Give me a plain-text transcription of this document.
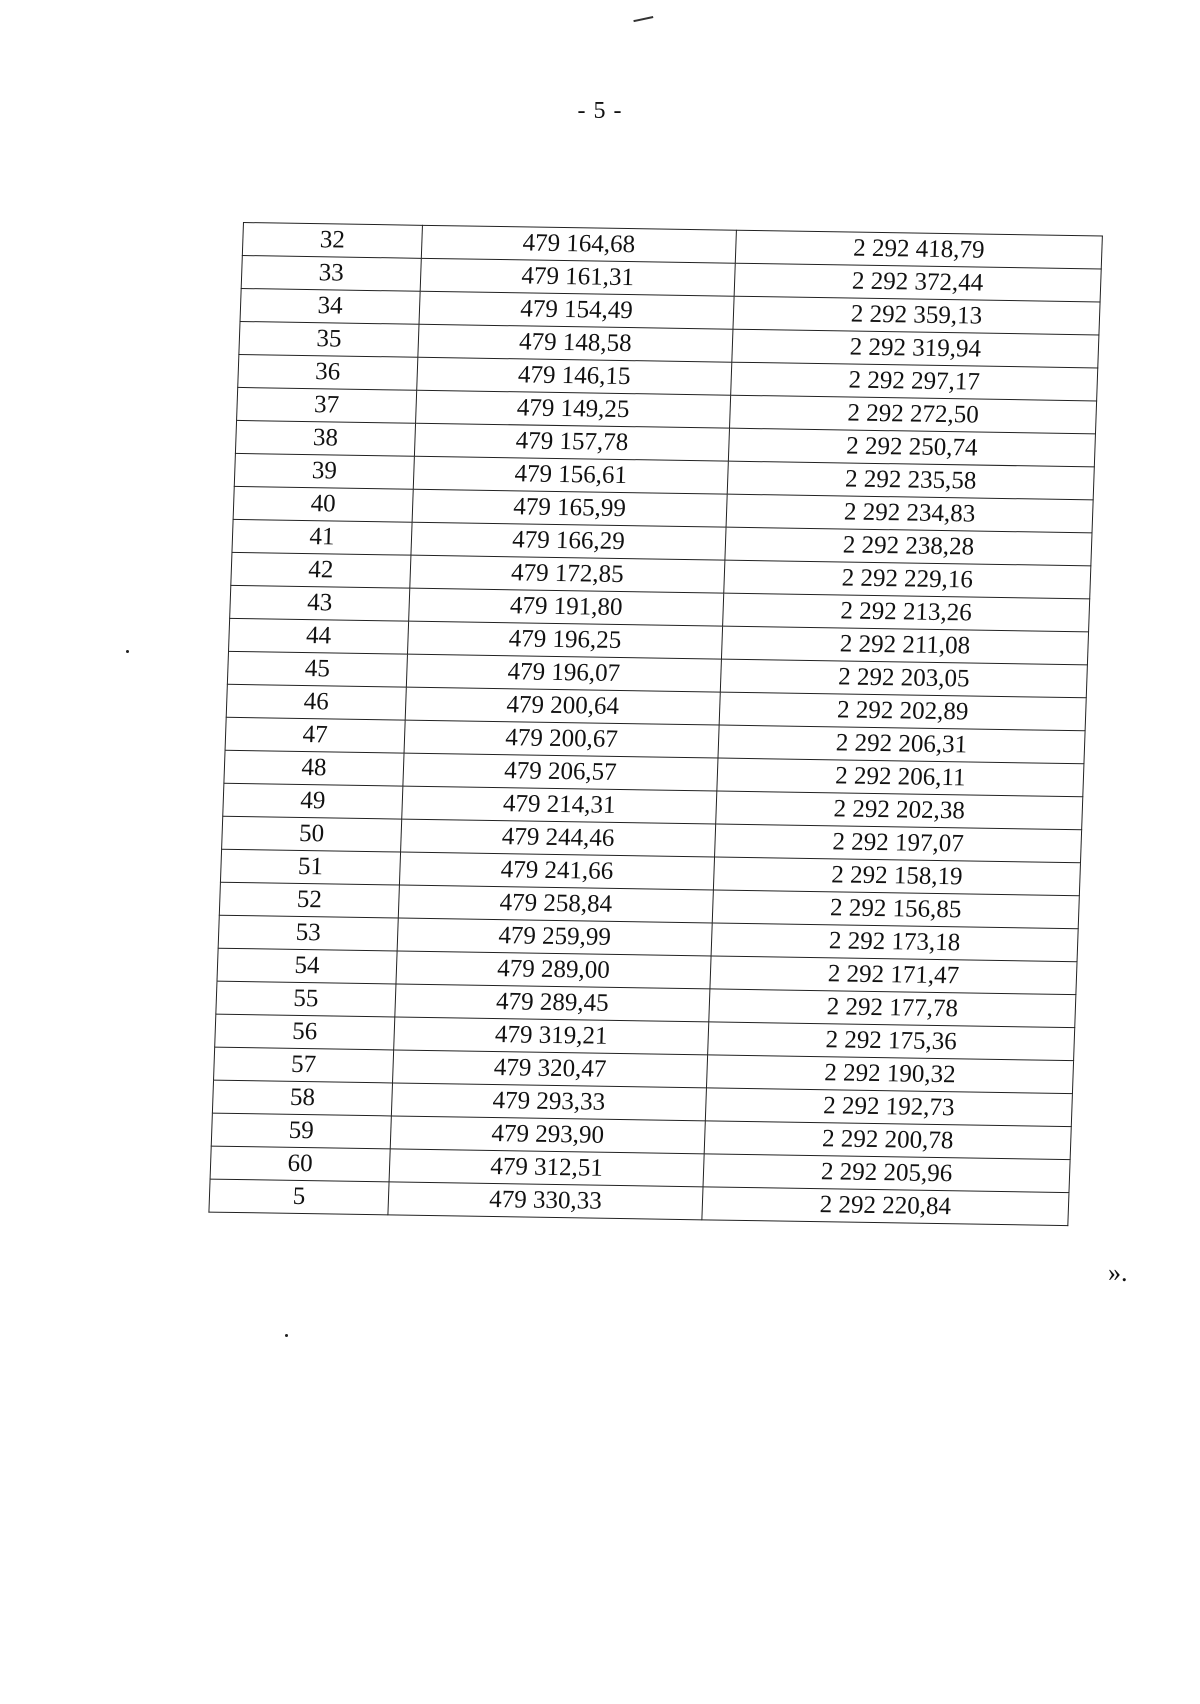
- 5 -
32	479 164,68	2 292 418,79
33	479 161,31	2 292 372,44
34	479 154,49	2 292 359,13
35	479 148,58	2 292 319,94
36	479 146,15	2 292 297,17
37	479 149,25	2 292 272,50
38	479 157,78	2 292 250,74
39	479 156,61	2 292 235,58
40	479 165,99	2 292 234,83
41	479 166,29	2 292 238,28
42	479 172,85	2 292 229,16
43	479 191,80	2 292 213,26
44	479 196,25	2 292 211,08
45	479 196,07	2 292 203,05
46	479 200,64	2 292 202,89
47	479 200,67	2 292 206,31
48	479 206,57	2 292 206,11
49	479 214,31	2 292 202,38
50	479 244,46	2 292 197,07
51	479 241,66	2 292 158,19
52	479 258,84	2 292 156,85
53	479 259,99	2 292 173,18
54	479 289,00	2 292 171,47
55	479 289,45	2 292 177,78
56	479 319,21	2 292 175,36
57	479 320,47	2 292 190,32
58	479 293,33	2 292 192,73
59	479 293,90	2 292 200,78
60	479 312,51	2 292 205,96
5	479 330,33	2 292 220,84
».
